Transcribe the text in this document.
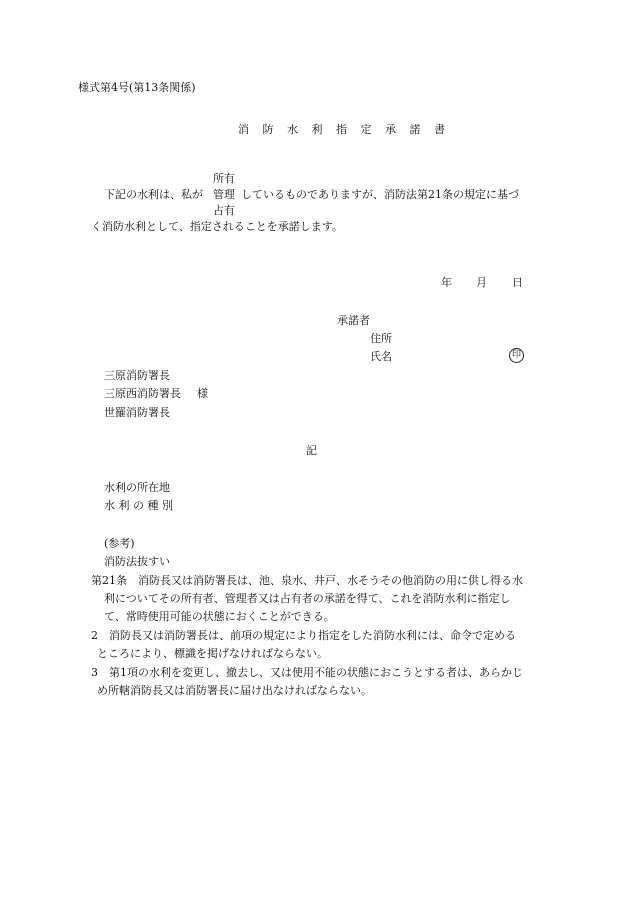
様式第4号(第13条関係)
消 防 水 利 指 定 承 諾 書
所有
下記の水利は、私が 管理 しているものでありますが、消防法第21条の規定に基づ
占有
く消防水利として、指定されることを承諾します。
年 月 日
承諾者
住所
氏名	印
三原消防署長
三原西消防署長 様
世羅消防署長
記
水利の所在地
水 利 の 種 別
(参考)
消防法抜すい
第21条　消防長又は消防署長は、池、泉水、井戸、水そうその他消防の用に供し得る水
利についてその所有者、管理者又は占有者の承諾を得て、これを消防水利に指定し
て、常時使用可能の状態におくことができる。
2　消防長又は消防署長は、前項の規定により指定をした消防水利には、命令で定める
ところにより、標識を掲げなければならない。
3　第1項の水利を変更し、撤去し、又は使用不能の状態におこうとする者は、あらかじ
め所轄消防長又は消防署長に届け出なければならない。
